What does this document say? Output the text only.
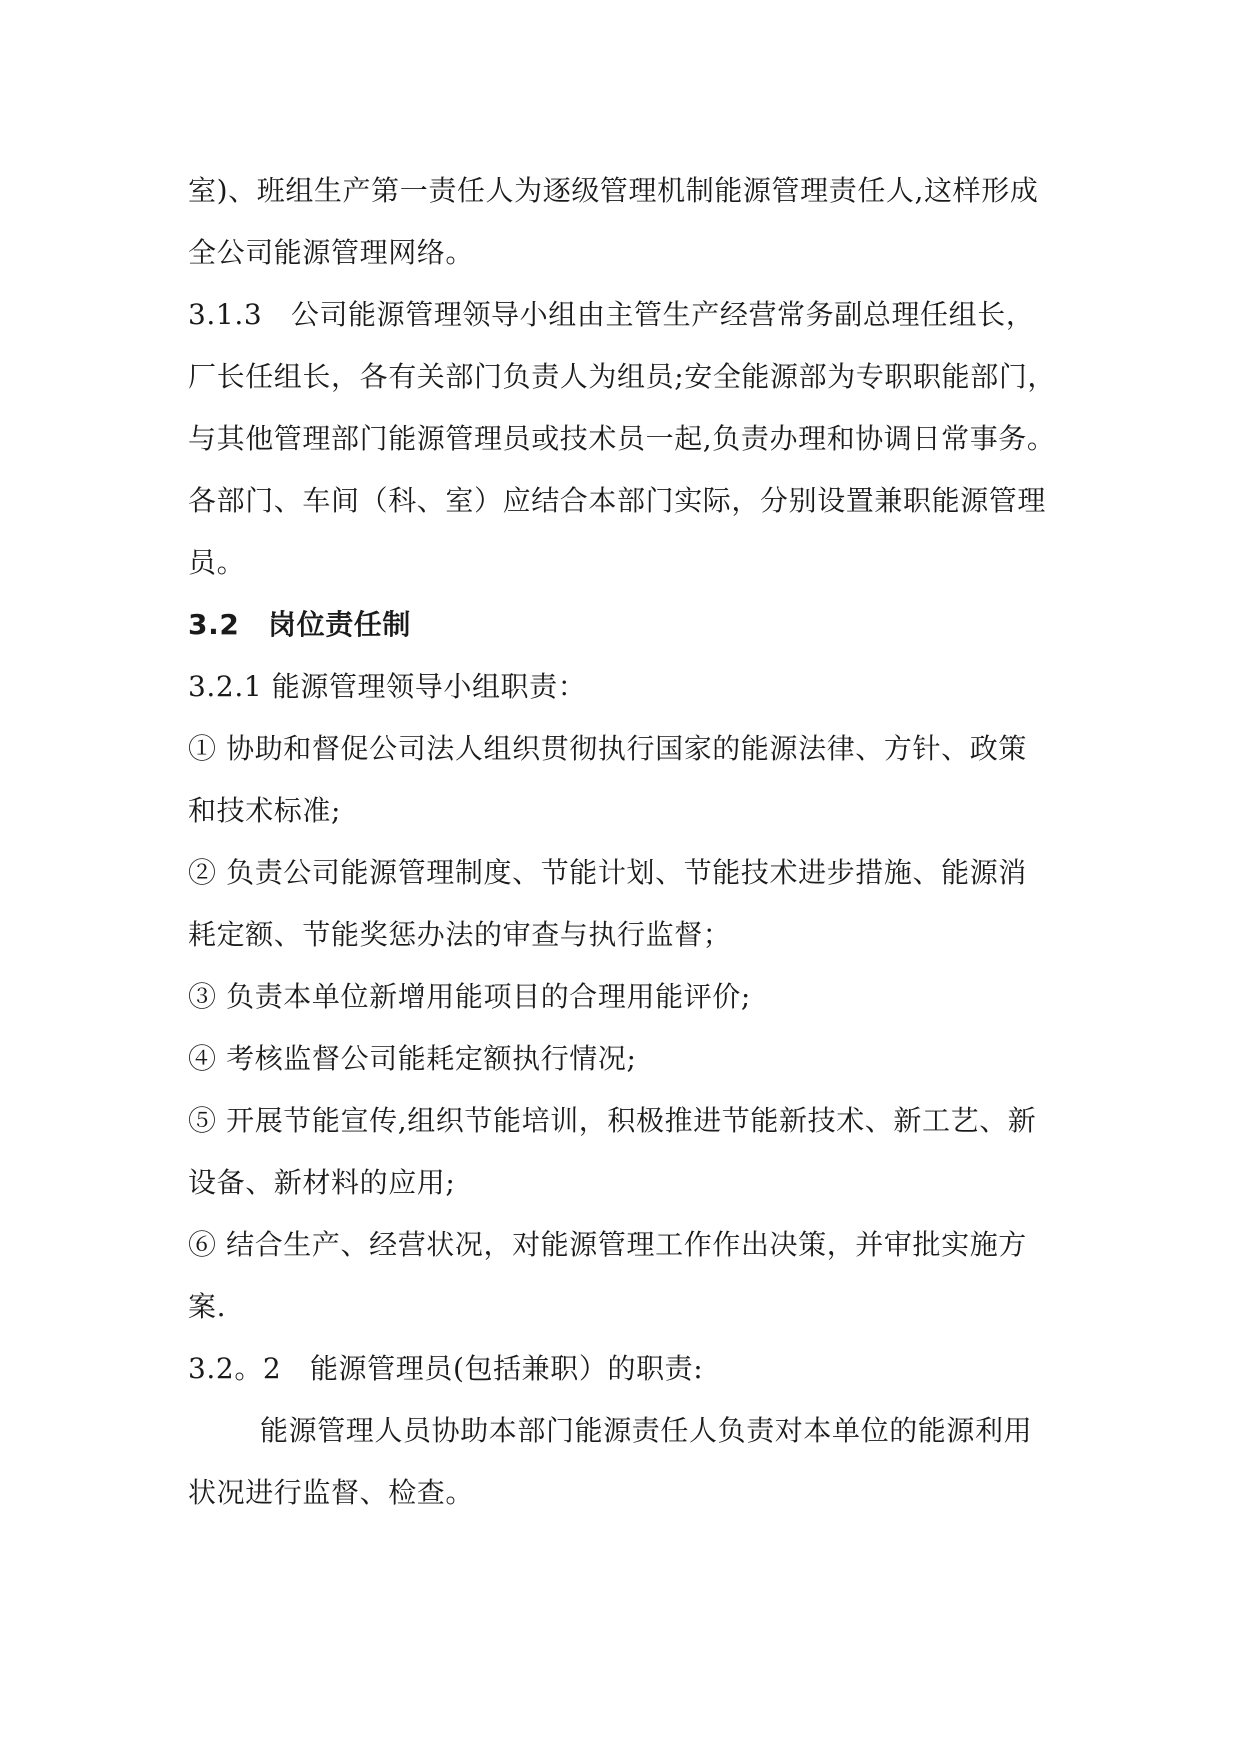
室)、班组生产第一责任人为逐级管理机制能源管理责任人,这样形成
全公司能源管理网络。
3.1.3　公司能源管理领导小组由主管生产经营常务副总理任组长，
厂长任组长，各有关部门负责人为组员;安全能源部为专职职能部门，
与其他管理部门能源管理员或技术员一起,负责办理和协调日常事务。
各部门、车间（科、室）应结合本部门实际，分别设置兼职能源管理
员。
3.2　岗位责任制
3.2.1 能源管理领导小组职责：
① 协助和督促公司法人组织贯彻执行国家的能源法律、方针、政策
和技术标准;
② 负责公司能源管理制度、节能计划、节能技术进步措施、能源消
耗定额、节能奖惩办法的审查与执行监督；
③ 负责本单位新增用能项目的合理用能评价;
④ 考核监督公司能耗定额执行情况;
⑤ 开展节能宣传,组织节能培训，积极推进节能新技术、新工艺、新
设备、新材料的应用;
⑥ 结合生产、经营状况，对能源管理工作作出决策，并审批实施方
案.
3.2。2　能源管理员(包括兼职）的职责:
能源管理人员协助本部门能源责任人负责对本单位的能源利用
状况进行监督、检查。
